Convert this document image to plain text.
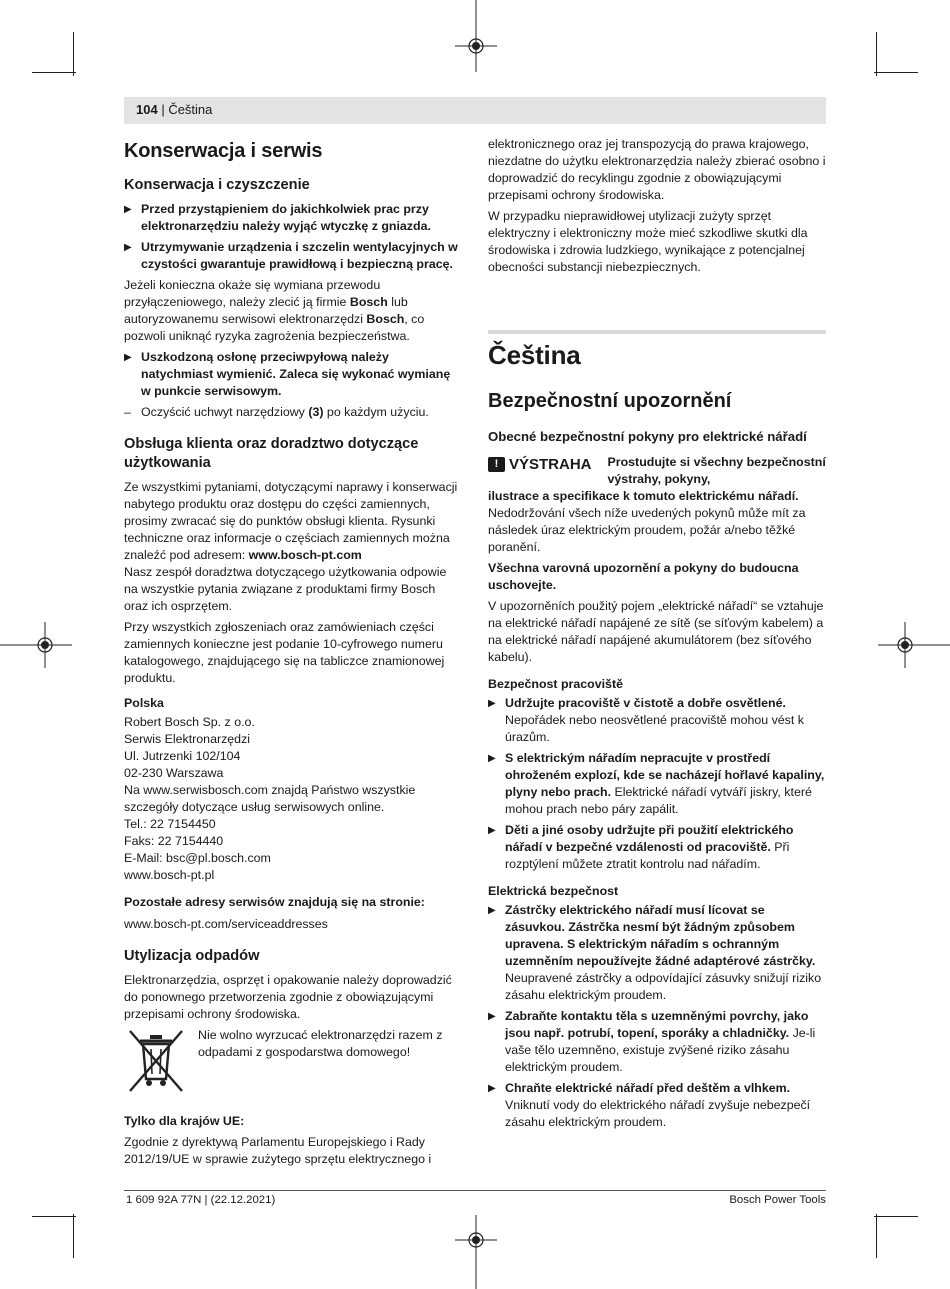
104 | Čeština
Konserwacja i serwis
Konserwacja i czyszczenie
▶ Przed przystąpieniem do jakichkolwiek prac przy elektronarzędziu należy wyjąć wtyczkę z gniazda.
▶ Utrzymywanie urządzenia i szczelin wentylacyjnych w czystości gwarantuje prawidłową i bezpieczną pracę.

Jeżeli konieczna okaże się wymiana przewodu przyłączeniowego, należy zlecić ją firmie Bosch lub autoryzowanemu serwisowi elektronarzędzi Bosch, co pozwoli uniknąć ryzyka zagrożenia bezpieczeństwa.

▶ Uszkodzoną osłonę przeciwpyłową należy natychmiast wymienić. Zaleca się wykonać wymianę w punkcie serwisowym.
– Oczyścić uchwyt narzędziowy (3) po każdym użyciu.
Obsługa klienta oraz doradztwo dotyczące użytkowania

Ze wszystkimi pytaniami, dotyczącymi naprawy i konserwacji nabytego produktu oraz dostępu do części zamiennych, prosimy zwracać się do punktów obsługi klienta. Rysunki techniczne oraz informacje o częściach zamiennych można znaleźć pod adresem: www.bosch-pt.com
Nasz zespół doradztwa dotyczącego użytkowania odpowie na wszystkie pytania związane z produktami firmy Bosch oraz ich osprzętem.

Przy wszystkich zgłoszeniach oraz zamówieniach części zamiennych konieczne jest podanie 10-cyfrowego numeru katalogowego, znajdującego się na tabliczce znamionowej produktu.

Polska

Robert Bosch Sp. z o.o.

Serwis Elektronarzędzi

Ul. Jutrzenki 102/104

02-230 Warszawa

Na www.serwisbosch.com znajdą Państwo wszystkie szczegóły dotyczące usług serwisowych online.

Tel.: 22 7154450

Faks: 22 7154440

E-Mail: bsc@pl.bosch.com

www.bosch-pt.pl

Pozostałe adresy serwisów znajdują się na stronie:

www.bosch-pt.com/serviceaddresses

Utylizacja odpadów

Elektronarzędzia, osprzęt i opakowanie należy doprowadzić do ponownego przetworzenia zgodnie z obowiązującymi przepisami ochrony środowiska.

Nie wolno wyrzucać elektronarzędzi razem z odpadami z gospodarstwa domowego!
Tylko dla krajów UE:

Zgodnie z dyrektywą Parlamentu Europejskiego i Rady 2012/19/UE w sprawie zużytego sprzętu elektrycznego i

elektronicznego oraz jej transpozycją do prawa krajowego, niezdatne do użytku elektronarzędzia należy zbierać osobno i doprowadzić do recyklingu zgodnie z obowiązującymi przepisami ochrony środowiska.

W przypadku nieprawidłowej utylizacji zużyty sprzęt elektryczny i elektroniczny może mieć szkodliwe skutki dla środowiska i zdrowia ludzkiego, wynikające z potencjalnej obecności substancji niebezpiecznych.

Čeština
Bezpečnostní upozornění
Obecné bezpečnostní pokyny pro elektrické nářadí
! VÝSTRAHA Prostudujte si všechny bezpečnostní výstrahy, pokyny,

ilustrace a specifikace k tomuto elektrickému nářadí.

Nedodržování všech níže uvedených pokynů může mít za následek úraz elektrickým proudem, požár a/nebo těžké poranění.

Všechna varovná upozornění a pokyny do budoucna uschovejte.

V upozorněních použitý pojem „elektrické nářadí“ se vztahuje na elektrické nářadí napájené ze sítě (se síťovým kabelem) a na elektrické nářadí napájené akumulátorem (bez síťového kabelu).

Bezpečnost pracoviště
▶ Udržujte pracoviště v čistotě a dobře osvětlené. Nepořádek nebo neosvětlené pracoviště mohou vést k úrazům.
▶ S elektrickým nářadím nepracujte v prostředí ohroženém explozí, kde se nacházejí hořlavé kapaliny, plyny nebo prach. Elektrické nářadí vytváří jiskry, které mohou prach nebo páry zapálit.
▶ Děti a jiné osoby udržujte při použití elektrického nářadí v bezpečné vzdálenosti od pracoviště. Při rozptýlení můžete ztratit kontrolu nad nářadím.
Elektrická bezpečnost
▶ Zástrčky elektrického nářadí musí lícovat se zásuvkou. Zástrčka nesmí být žádným způsobem upravena. S elektrickým nářadím s ochranným uzemněním nepoužívejte žádné adaptérové zástrčky. Neupravené zástrčky a odpovídající zásuvky snižují riziko zásahu elektrickým proudem.
▶ Zabraňte kontaktu těla s uzemněnými povrchy, jako jsou např. potrubí, topení, sporáky a chladničky. Je-li vaše tělo uzemněno, existuje zvýšené riziko zásahu elektrickým proudem.
▶ Chraňte elektrické nářadí před deštěm a vlhkem. Vniknutí vody do elektrického nářadí zvyšuje nebezpečí zásahu elektrickým proudem.
1 609 92A 77N | (22.12.2021)	Bosch Power Tools
